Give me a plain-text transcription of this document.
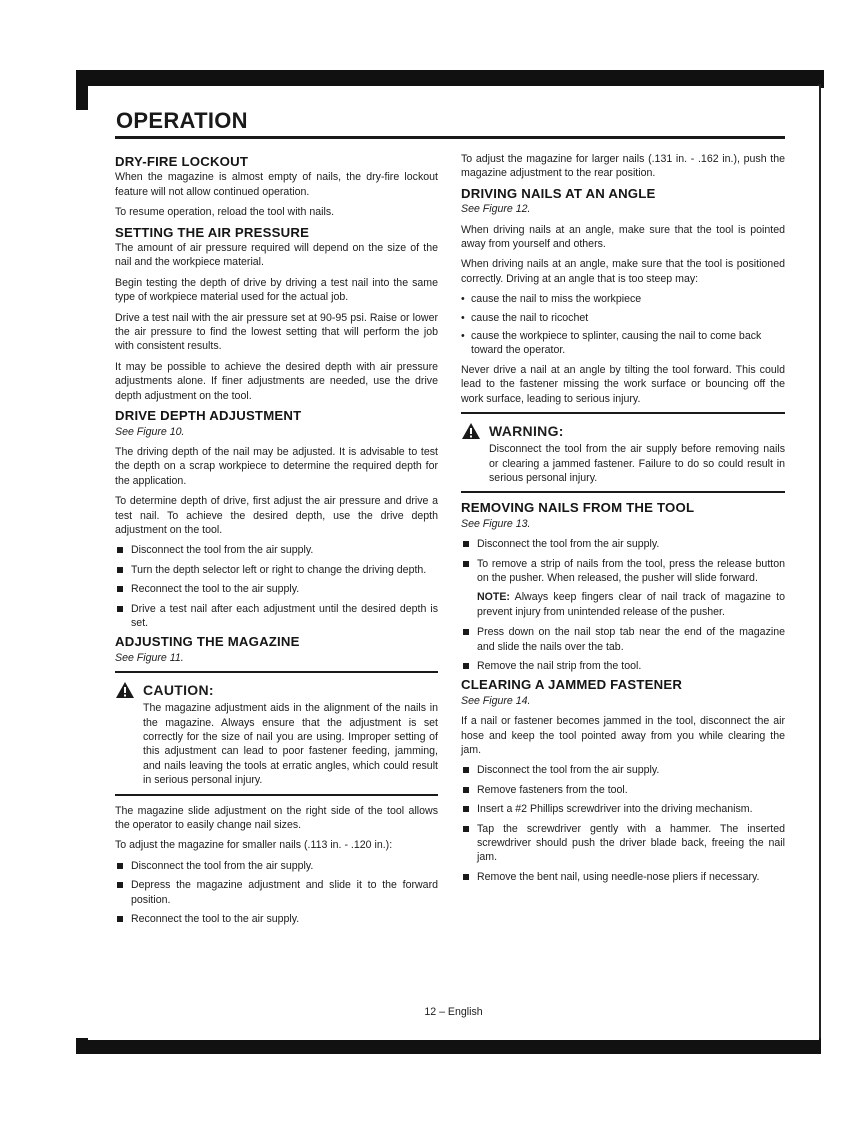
OPERATION
DRY-FIRE LOCKOUT

When the magazine is almost empty of nails, the dry-fire lockout feature will not allow continued operation.

To resume operation, reload the tool with nails.

SETTING THE AIR PRESSURE

The amount of air pressure required will depend on the size of the nail and the workpiece material.

Begin testing the depth of drive by driving a test nail into the same type of workpiece material used for the actual job.

Drive a test nail with the air pressure set at 90-95 psi. Raise or lower the air pressure to find the lowest setting that will perform the job with consistent results.

It may be possible to achieve the desired depth with air pressure adjustments alone. If finer adjustments are needed, use the drive depth adjustment on the tool.

DRIVE DEPTH ADJUSTMENT
See Figure 10.

The driving depth of the nail may be adjusted. It is advisable to test the depth on a scrap workpiece to determine the required depth for the application.

To determine depth of drive, first adjust the air pressure and drive a test nail. To achieve the desired depth, use the drive depth adjustment on the tool.

Disconnect the tool from the air supply.
Turn the depth selector left or right to change the driving depth.
Reconnect the tool to the air supply.
Drive a test nail after each adjustment until the desired depth is set.
ADJUSTING THE MAGAZINE
See Figure 11.
CAUTION:

The magazine adjustment aids in the alignment of the nails in the magazine. Always ensure that the adjustment is set correctly for the size of nail you are using. Improper setting of this adjustment can lead to poor fastener feeding, jamming, and nails leaving the tools at erratic angles, which could result in serious personal injury.

The magazine slide adjustment on the right side of the tool allows the operator to easily change nail sizes.

To adjust the magazine for smaller nails (.113 in. - .120 in.):

Disconnect the tool from the air supply.
Depress the magazine adjustment and slide it to the forward position.
Reconnect the tool to the air supply.

To adjust the magazine for larger nails (.131 in. - .162 in.), push the magazine adjustment to the rear position.

DRIVING NAILS AT AN ANGLE
See Figure 12.

When driving nails at an angle, make sure that the tool is pointed away from yourself and others.

When driving nails at an angle, make sure that the tool is positioned correctly. Driving at an angle that is too steep may:

• cause the nail to miss the workpiece
• cause the nail to ricochet
• cause the workpiece to splinter, causing the nail to come back toward the operator.

Never drive a nail at an angle by tilting the tool forward. This could lead to the fastener missing the work surface or bouncing off the work surface, leading to serious injury.

WARNING:

Disconnect the tool from the air supply before removing nails or clearing a jammed fastener. Failure to do so could result in serious personal injury.

REMOVING NAILS FROM THE TOOL
See Figure 13.
Disconnect the tool from the air supply.
To remove a strip of nails from the tool, press the release button on the pusher. When released, the pusher will slide forward.

NOTE: Always keep fingers clear of nail track of magazine to prevent injury from unintended release of the pusher.

Press down on the nail stop tab near the end of the magazine and slide the nails over the tab.
Remove the nail strip from the tool.
CLEARING A JAMMED FASTENER
See Figure 14.

If a nail or fastener becomes jammed in the tool, disconnect the air hose and keep the tool pointed away from you while clearing the jam.

Disconnect the tool from the air supply.
Remove fasteners from the tool.
Insert a #2 Phillips screwdriver into the driving mechanism.
Tap the screwdriver gently with a hammer. The inserted screwdriver should push the driver blade back, freeing the nail jam.
Remove the bent nail, using needle-nose pliers if necessary.
12 – English
